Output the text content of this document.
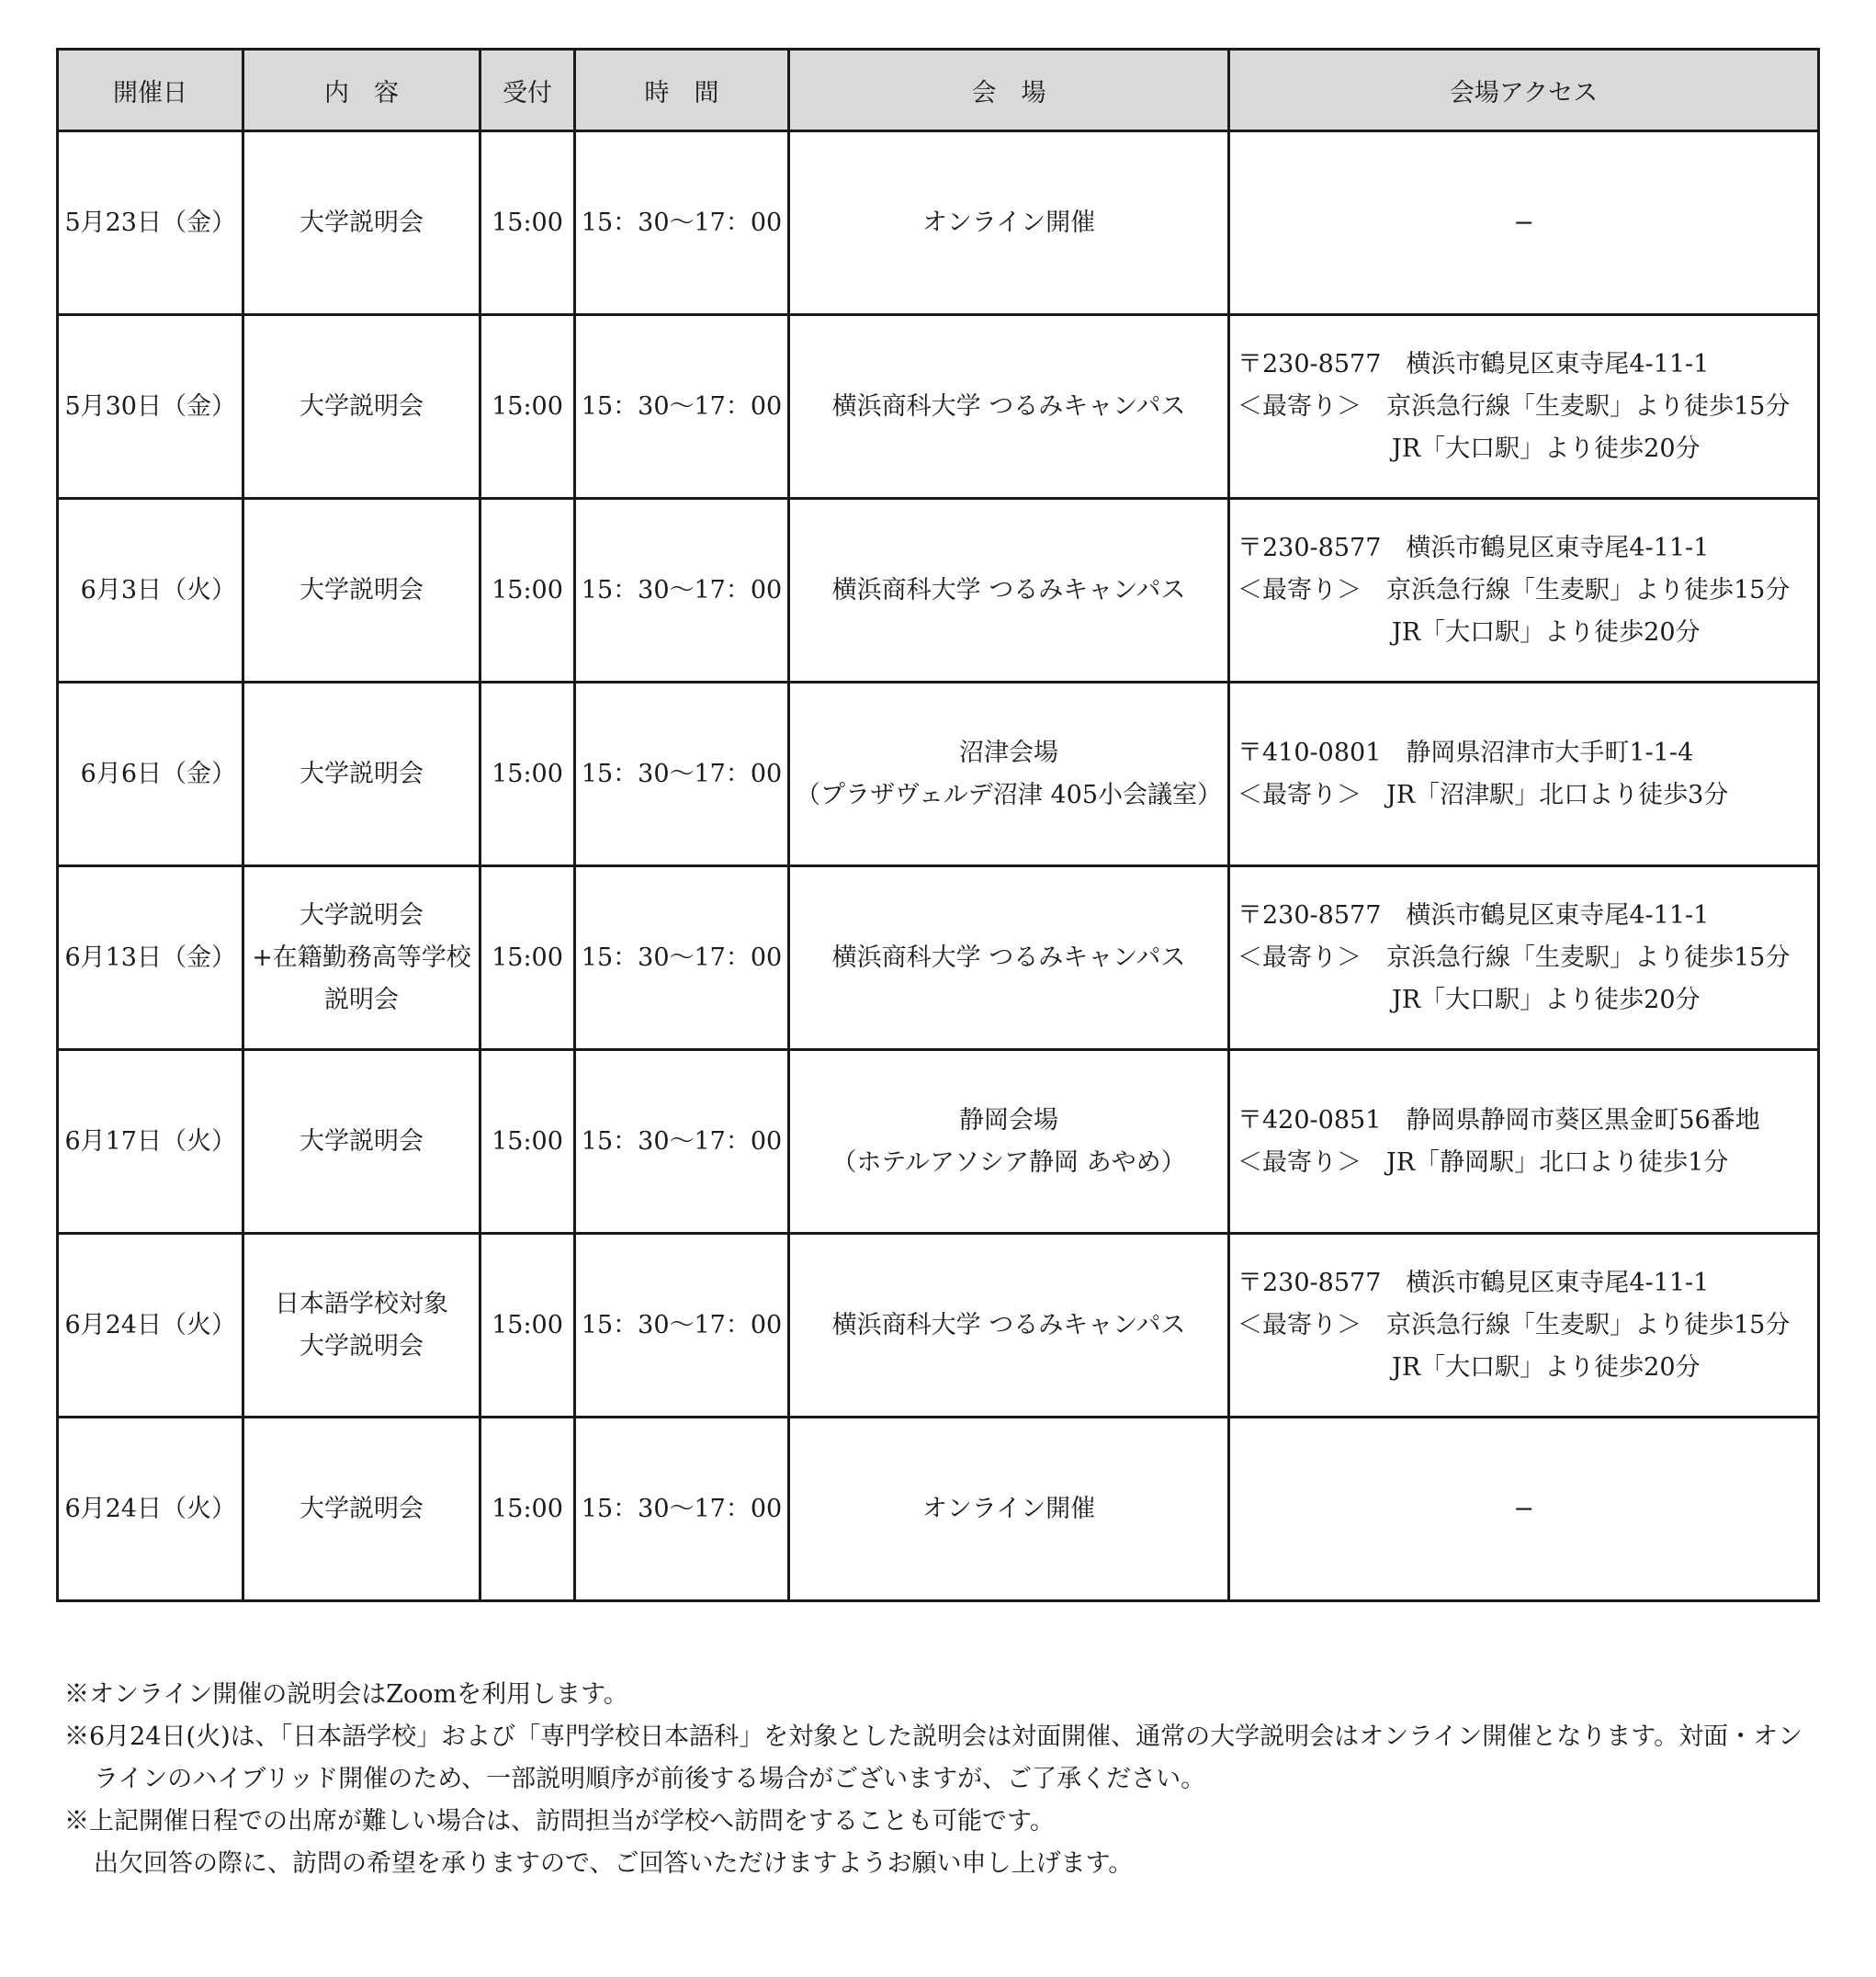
開催日	内　容	受付	時　間	会　場	会場アクセス
5月23日（金）	大学説明会	15:00	15：30〜17：00	オンライン開催	−

5月30日（金）	大学説明会	15:00	15：30〜17：00	横浜商科大学 つるみキャンパス	〒230-8577　横浜市鶴見区東寺尾4-11-1
＜最寄り＞　京浜急行線「生麦駅」より徒歩15分
JR「大口駅」より徒歩20分

6月3日（火）	大学説明会	15:00	15：30〜17：00	横浜商科大学 つるみキャンパス	〒230-8577　横浜市鶴見区東寺尾4-11-1
＜最寄り＞　京浜急行線「生麦駅」より徒歩15分
JR「大口駅」より徒歩20分

6月6日（金）	大学説明会	15:00	15：30〜17：00	沼津会場
（プラザヴェルデ沼津 405小会議室）	〒410-0801　静岡県沼津市大手町1-1-4
＜最寄り＞　JR「沼津駅」北口より徒歩3分

6月13日（金）	大学説明会
+在籍勤務高等学校
説明会	15:00	15：30〜17：00	横浜商科大学 つるみキャンパス	〒230-8577　横浜市鶴見区東寺尾4-11-1
＜最寄り＞　京浜急行線「生麦駅」より徒歩15分
JR「大口駅」より徒歩20分

6月17日（火）	大学説明会	15:00	15：30〜17：00	静岡会場
（ホテルアソシア静岡 あやめ）	〒420-0851　静岡県静岡市葵区黒金町56番地
＜最寄り＞　JR「静岡駅」北口より徒歩1分

6月24日（火）	日本語学校対象
大学説明会	15:00	15：30〜17：00	横浜商科大学 つるみキャンパス	〒230-8577　横浜市鶴見区東寺尾4-11-1
＜最寄り＞　京浜急行線「生麦駅」より徒歩15分
JR「大口駅」より徒歩20分

6月24日（火）	大学説明会	15:00	15：30〜17：00	オンライン開催	−

※オンライン開催の説明会はZoomを利用します。

※6月24日(火)は、「日本語学校」および「専門学校日本語科」を対象とした説明会は対面開催、通常の大学説明会はオンライン開催となります。対面・オンラインのハイブリッド開催のため、一部説明順序が前後する場合がございますが、ご了承ください。

※上記開催日程での出席が難しい場合は、訪問担当が学校へ訪問をすることも可能です。

出欠回答の際に、訪問の希望を承りますので、ご回答いただけますようお願い申し上げます。
